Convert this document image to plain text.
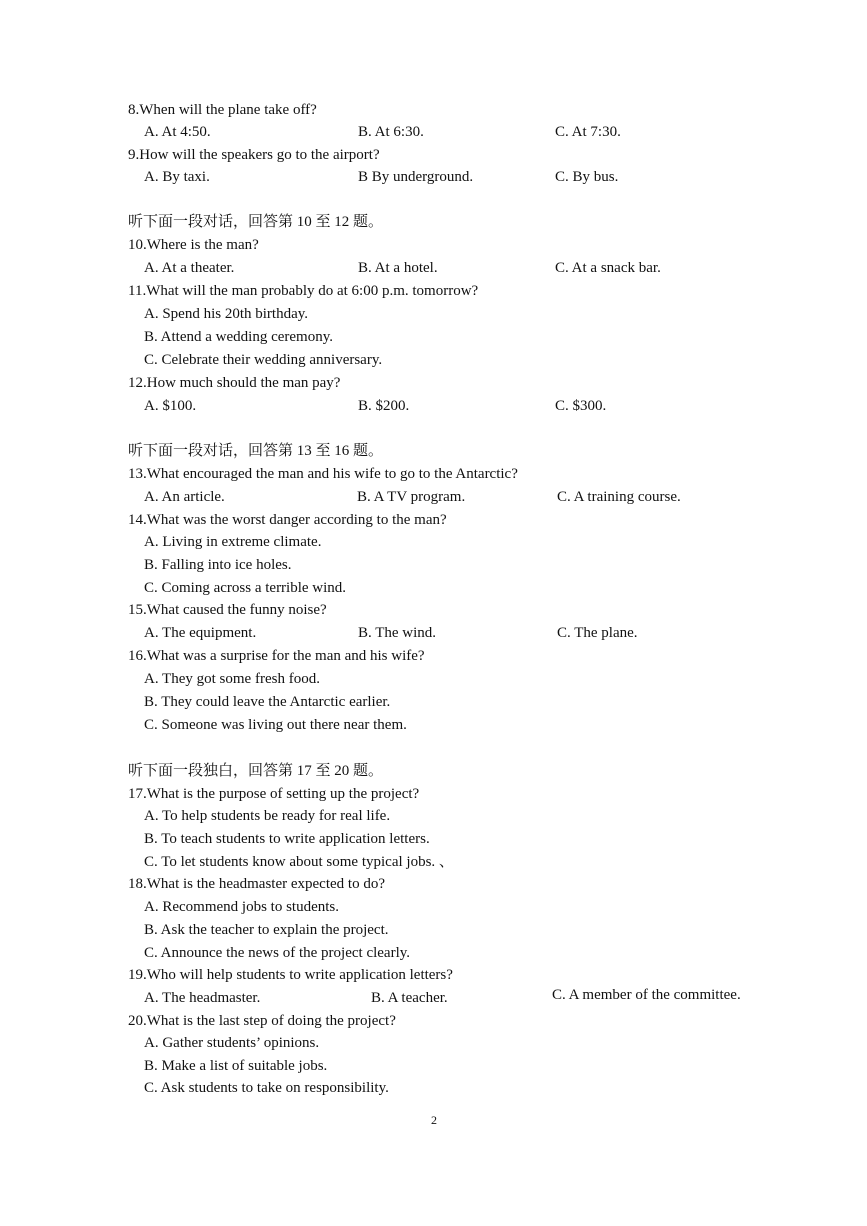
8.When will the plane take off?
A. At 4:50.	B. At 6:30.	C. At 7:30.
9.How will the speakers go to the airport?
A. By taxi.	B By underground.	C. By bus.
听下面一段对话，回答第 10 至 12 题。
10.Where is the man?
A. At a theater.	B. At a hotel.	C. At a snack bar.
11.What will the man probably do at 6:00 p.m. tomorrow?
A. Spend his 20th birthday.
B. Attend a wedding ceremony.
C. Celebrate their wedding anniversary.
12.How much should the man pay?
A. $100.	B. $200.	C. $300.
听下面一段对话，回答第 13 至 16 题。
13.What encouraged the man and his wife to go to the Antarctic?
A. An article.	B. A TV program.	C. A training course.
14.What was the worst danger according to the man?
A. Living in extreme climate.
B. Falling into ice holes.
C. Coming across a terrible wind.
15.What caused the funny noise?
A. The equipment.	B. The wind.	C. The plane.
16.What was a surprise for the man and his wife?
A. They got some fresh food.
B. They could leave the Antarctic earlier.
C. Someone was living out there near them.
听下面一段独白，回答第 17 至 20 题。
17.What is the purpose of setting up the project?
A. To help students be ready for real life.
B. To teach students to write application letters.
C. To let students know about some typical jobs. 、
18.What is the headmaster expected to do?
A. Recommend jobs to students.
B. Ask the teacher to explain the project.
C. Announce the news of the project clearly.
19.Who will help students to write application letters?
A. The headmaster.	B. A teacher.	C. A member of the committee.
20.What is the last step of doing the project?
A. Gather students’ opinions.
B. Make a list of suitable jobs.
C. Ask students to take on responsibility.
2
